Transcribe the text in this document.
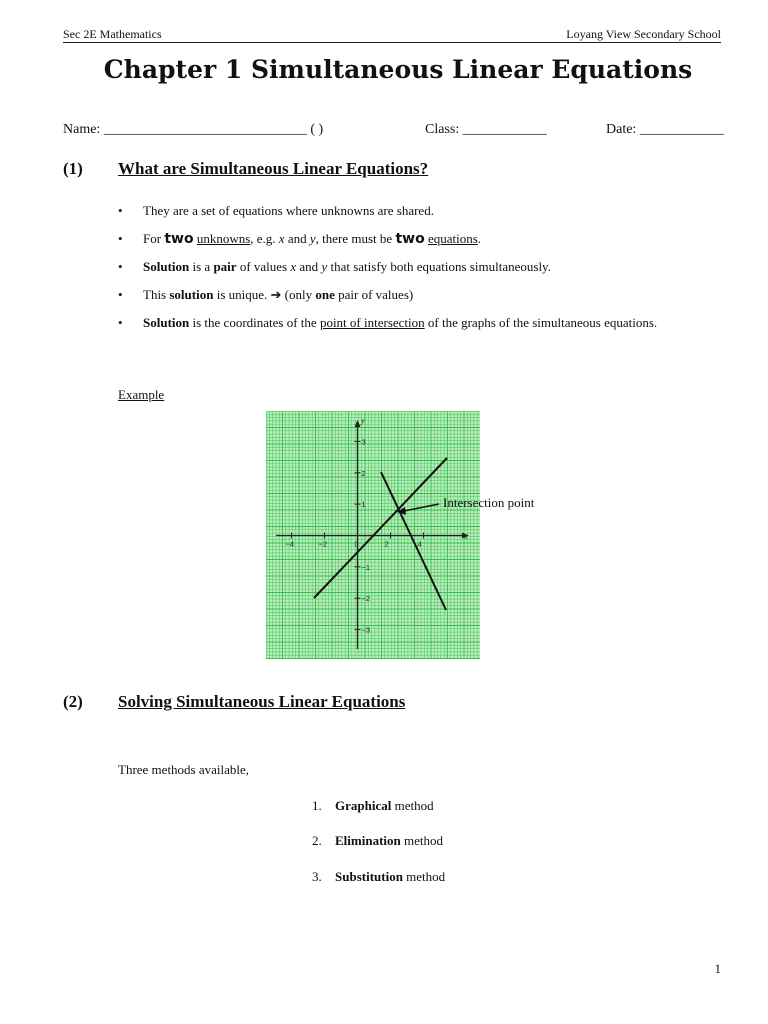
Sec 2E Mathematics	Loyang View Secondary School
Chapter 1 Simultaneous Linear Equations
Name: _____________________________ ( )	Class: ____________	Date: ____________
(1) What are Simultaneous Linear Equations?
• They are a set of equations where unknowns are shared.
• For two unknowns, e.g. x and y, there must be two equations.
• Solution is a pair of values x and y that satisfy both equations simultaneously.
• This solution is unique. ➔ (only one pair of values)
• Solution is the coordinates of the point of intersection of the graphs of the simultaneous equations.
Example
x
y
−4	−2	0	2	4
3
2
1
−1
−2
−3
Intersection point
(2) Solving Simultaneous Linear Equations
Three methods available,
1. Graphical method
2. Elimination method
3. Substitution method
1
